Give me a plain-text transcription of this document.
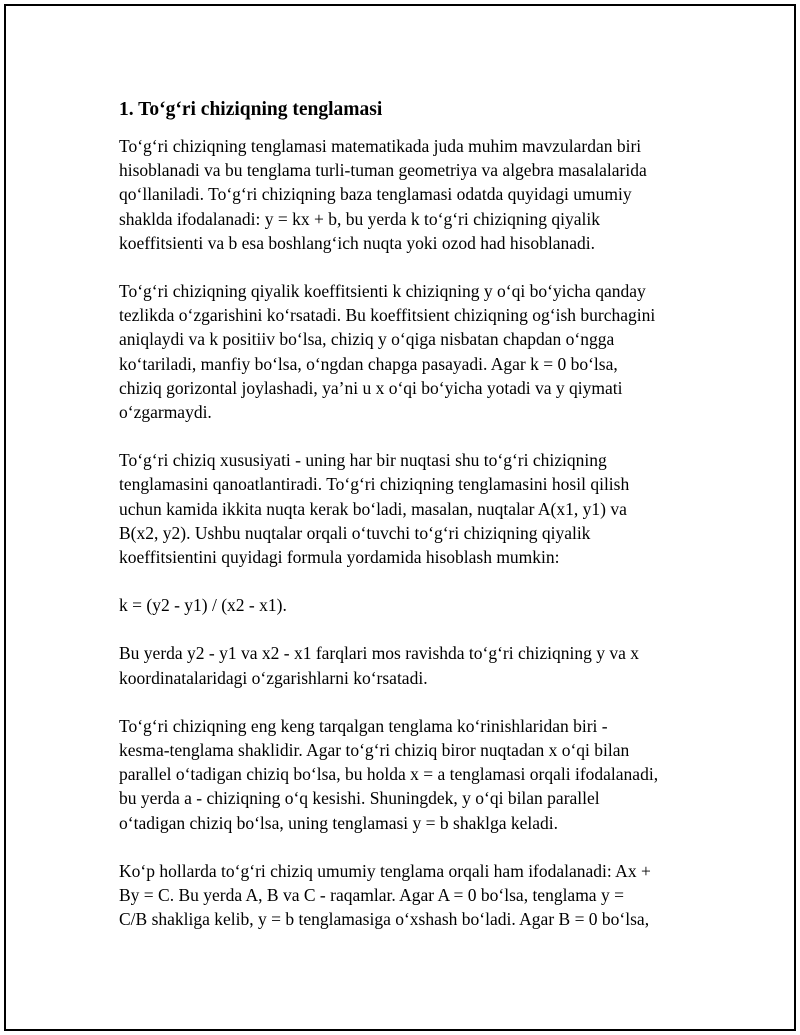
1. To‘g‘ri chiziqning tenglamasi

To‘g‘ri chiziqning tenglamasi matematikada juda muhim mavzulardan biri
hisoblanadi va bu tenglama turli-tuman geometriya va algebra masalalarida
qo‘llaniladi. To‘g‘ri chiziqning baza tenglamasi odatda quyidagi umumiy
shaklda ifodalanadi: y = kx + b, bu yerda k to‘g‘ri chiziqning qiyalik
koeffitsienti va b esa boshlang‘ich nuqta yoki ozod had hisoblanadi.

To‘g‘ri chiziqning qiyalik koeffitsienti k chiziqning y o‘qi bo‘yicha qanday
tezlikda o‘zgarishini ko‘rsatadi. Bu koeffitsient chiziqning og‘ish burchagini
aniqlaydi va k positiiv bo‘lsa, chiziq y o‘qiga nisbatan chapdan o‘ngga
ko‘tariladi, manfiy bo‘lsa, o‘ngdan chapga pasayadi. Agar k = 0 bo‘lsa,
chiziq gorizontal joylashadi, ya’ni u x o‘qi bo‘yicha yotadi va y qiymati
o‘zgarmaydi.

To‘g‘ri chiziq xususiyati - uning har bir nuqtasi shu to‘g‘ri chiziqning
tenglamasini qanoatlantiradi. To‘g‘ri chiziqning tenglamasini hosil qilish
uchun kamida ikkita nuqta kerak bo‘ladi, masalan, nuqtalar A(x1, y1) va
B(x2, y2). Ushbu nuqtalar orqali o‘tuvchi to‘g‘ri chiziqning qiyalik
koeffitsientini quyidagi formula yordamida hisoblash mumkin:

k = (y2 - y1) / (x2 - x1).

Bu yerda y2 - y1 va x2 - x1 farqlari mos ravishda to‘g‘ri chiziqning y va x
koordinatalaridagi o‘zgarishlarni ko‘rsatadi.

To‘g‘ri chiziqning eng keng tarqalgan tenglama ko‘rinishlaridan biri -
kesma-tenglama shaklidir. Agar to‘g‘ri chiziq biror nuqtadan x o‘qi bilan
parallel o‘tadigan chiziq bo‘lsa, bu holda x = a tenglamasi orqali ifodalanadi,
bu yerda a - chiziqning o‘q kesishi. Shuningdek, y o‘qi bilan parallel
o‘tadigan chiziq bo‘lsa, uning tenglamasi y = b shaklga keladi.

Ko‘p hollarda to‘g‘ri chiziq umumiy tenglama orqali ham ifodalanadi: Ax +
By = C. Bu yerda A, B va C - raqamlar. Agar A = 0 bo‘lsa, tenglama y =
C/B shakliga kelib, y = b tenglamasiga o‘xshash bo‘ladi. Agar B = 0 bo‘lsa,
